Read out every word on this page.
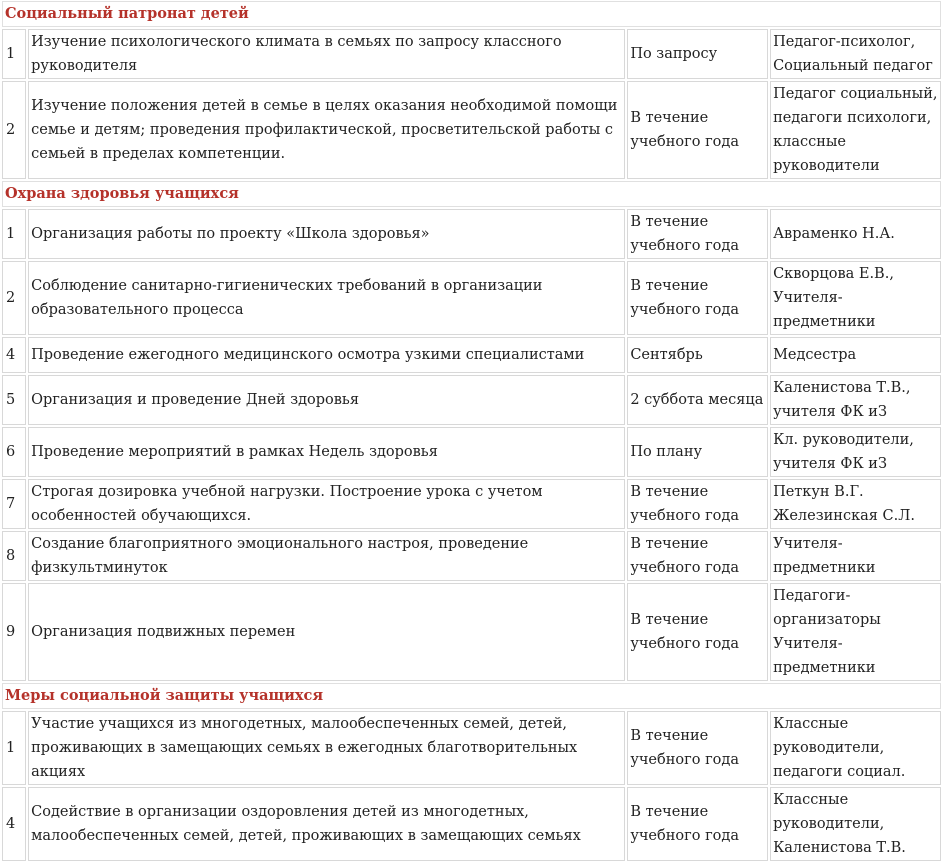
Социальный патронат детей			
1	Изучение психологического климата в семьях по запросу классного руководителя	По запросу	Педагог-психолог, Социальный педагог
2	Изучение положения детей в семье в целях оказания необходимой помощи семье и детям; проведения профилактической, просветительской работы с семьей в пределах компетенции.	В течение учебного года	Педагог социальный, педагоги психологи, классные руководители
Охрана здоровья учащихся			
1	Организация работы по проекту «Школа здоровья»	В течение учебного года	Авраменко Н.А.
2	Соблюдение санитарно-гигиенических требований в организации образовательного процесса	В течение учебного года	Скворцова Е.В., Учителя-предметники
4	Проведение ежегодного медицинского осмотра узкими специалистами	Сентябрь	Медсестра
5	Организация и проведение Дней здоровья	2 суббота месяца	Каленистова Т.В., учителя ФК иЗ
6	Проведение мероприятий в рамках Недель здоровья	По плану	Кл. руководители, учителя ФК иЗ
7	Строгая дозировка учебной нагрузки. Построение урока с учетом особенностей обучающихся.	В течение учебного года	Петкун В.Г. Железинская С.Л.
8	Создание благоприятного эмоционального настроя, проведение физкультминуток	В течение учебного года	Учителя-предметники
9	Организация подвижных перемен	В течение учебного года	Педагоги-организаторы Учителя-предметники
Меры социальной защиты учащихся			
1	Участие учащихся из многодетных, малообеспеченных семей, детей, проживающих в замещающих семьях в ежегодных благотворительных акциях	В течение учебного года	Классные руководители, педагоги социал.
4	Содействие в организации оздоровления детей из многодетных, малообеспеченных семей, детей, проживающих в замещающих семьях	В течение учебного года	Классные руководители, Каленистова Т.В.
